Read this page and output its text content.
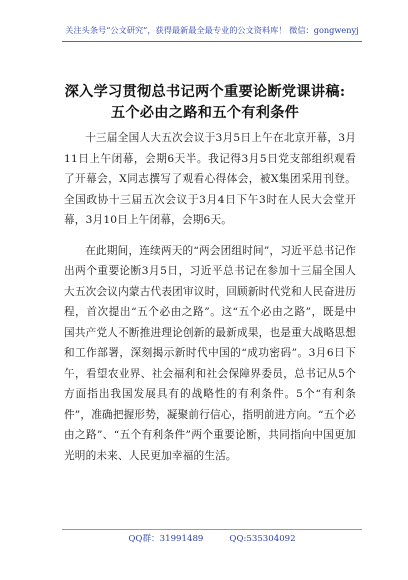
关注头条号“公文研究”，获得最新最全最专业的公文资料库！ 微信：gongwenyj
深入学习贯彻总书记两个重要论断党课讲稿:
五个必由之路和五个有利条件

十三届全国人大五次会议于3月5日上午在北京开幕，3月11日上午闭幕，会期6天半。我记得3月5日党支部组织观看了开幕会，X同志撰写了观看心得体会，被X集团采用刊登。全国政协十三届五次会议于3月4日下午3时在人民大会堂开幕，3月10日上午闭幕，会期6天。

在此期间，连续两天的“两会团组时间”，习近平总书记作出两个重要论断3月5日，习近平总书记在参加十三届全国人大五次会议内蒙古代表团审议时，回顾新时代党和人民奋进历程，首次提出“五个必由之路”。这“五个必由之路”，既是中国共产党人不断推进理论创新的最新成果，也是重大战略思想和工作部署，深刻揭示新时代中国的“成功密码”。3月6日下午，看望农业界、社会福利和社会保障界委员，总书记从5个方面指出我国发展具有的战略性的有利条件。5个“有利条件”，准确把握形势，凝聚前行信心，指明前进方向。“五个必由之路”、“五个有利条件”两个重要论断，共同指向中国更加光明的未来、人民更加幸福的生活。

QQ群：31991489	QQ:535304092
